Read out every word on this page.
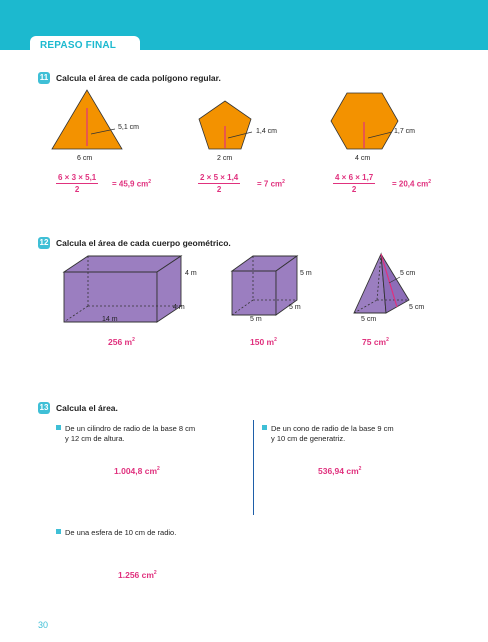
REPASO FINAL
11 Calcula el área de cada polígono regular.
5,1 cm
6 cm
1,4 cm
2 cm
1,7 cm
4 cm
$\frac{6 \times 3 \times 5,1}{2} = 45,9$ $cm^2$	$\frac{2 \times 5 \times 1,4}{2} = 7$ $cm^2$	$\frac{4 \times 6 \times 1,7}{2} = 20,4$ $cm^2$
12 Calcula el área de cada cuerpo geométrico.
4 m
4 m
14 m
256 $m^2$
5 m
5 m
5 m
150 $m^2$
5 cm
5 cm
5 cm
75 $cm^2$
13 Calcula el área.
De un cilindro de radio de la base 8 cm
y 12 cm de altura.
1.004,8 $cm^2$
De un cono de radio de la base 9 cm
y 10 cm de generatriz.
536,94 $cm^2$
De una esfera de 10 cm de radio.
1.256 $cm^2$
30
